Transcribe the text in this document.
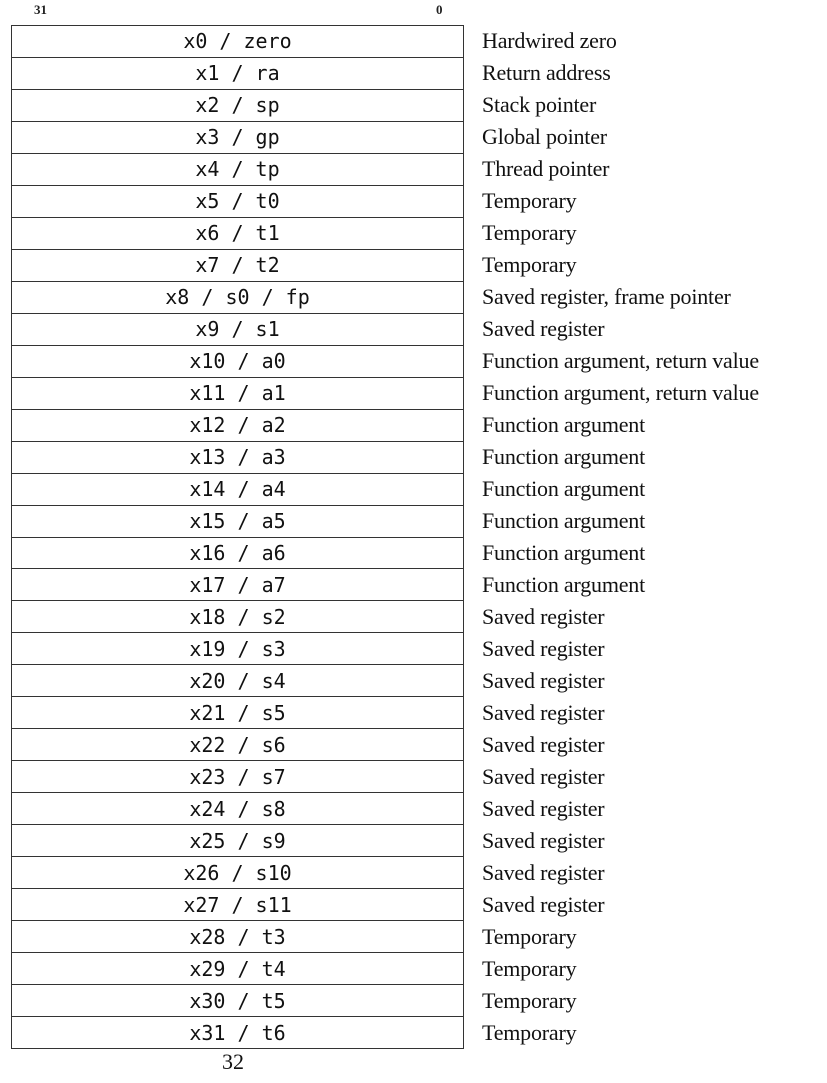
31	0
x0 / zero
x1 / ra
x2 / sp
x3 / gp
x4 / tp
x5 / t0
x6 / t1
x7 / t2
x8 / s0 / fp
x9 / s1
x10 / a0
x11 / a1
x12 / a2
x13 / a3
x14 / a4
x15 / a5
x16 / a6
x17 / a7
x18 / s2
x19 / s3
x20 / s4
x21 / s5
x22 / s6
x23 / s7
x24 / s8
x25 / s9
x26 / s10
x27 / s11
x28 / t3
x29 / t4
x30 / t5
x31 / t6
Hardwired zero
Return address
Stack pointer
Global pointer
Thread pointer
Temporary
Temporary
Temporary
Saved register, frame pointer
Saved register
Function argument, return value
Function argument, return value
Function argument
Function argument
Function argument
Function argument
Function argument
Function argument
Saved register
Saved register
Saved register
Saved register
Saved register
Saved register
Saved register
Saved register
Saved register
Saved register
Temporary
Temporary
Temporary
Temporary
32
